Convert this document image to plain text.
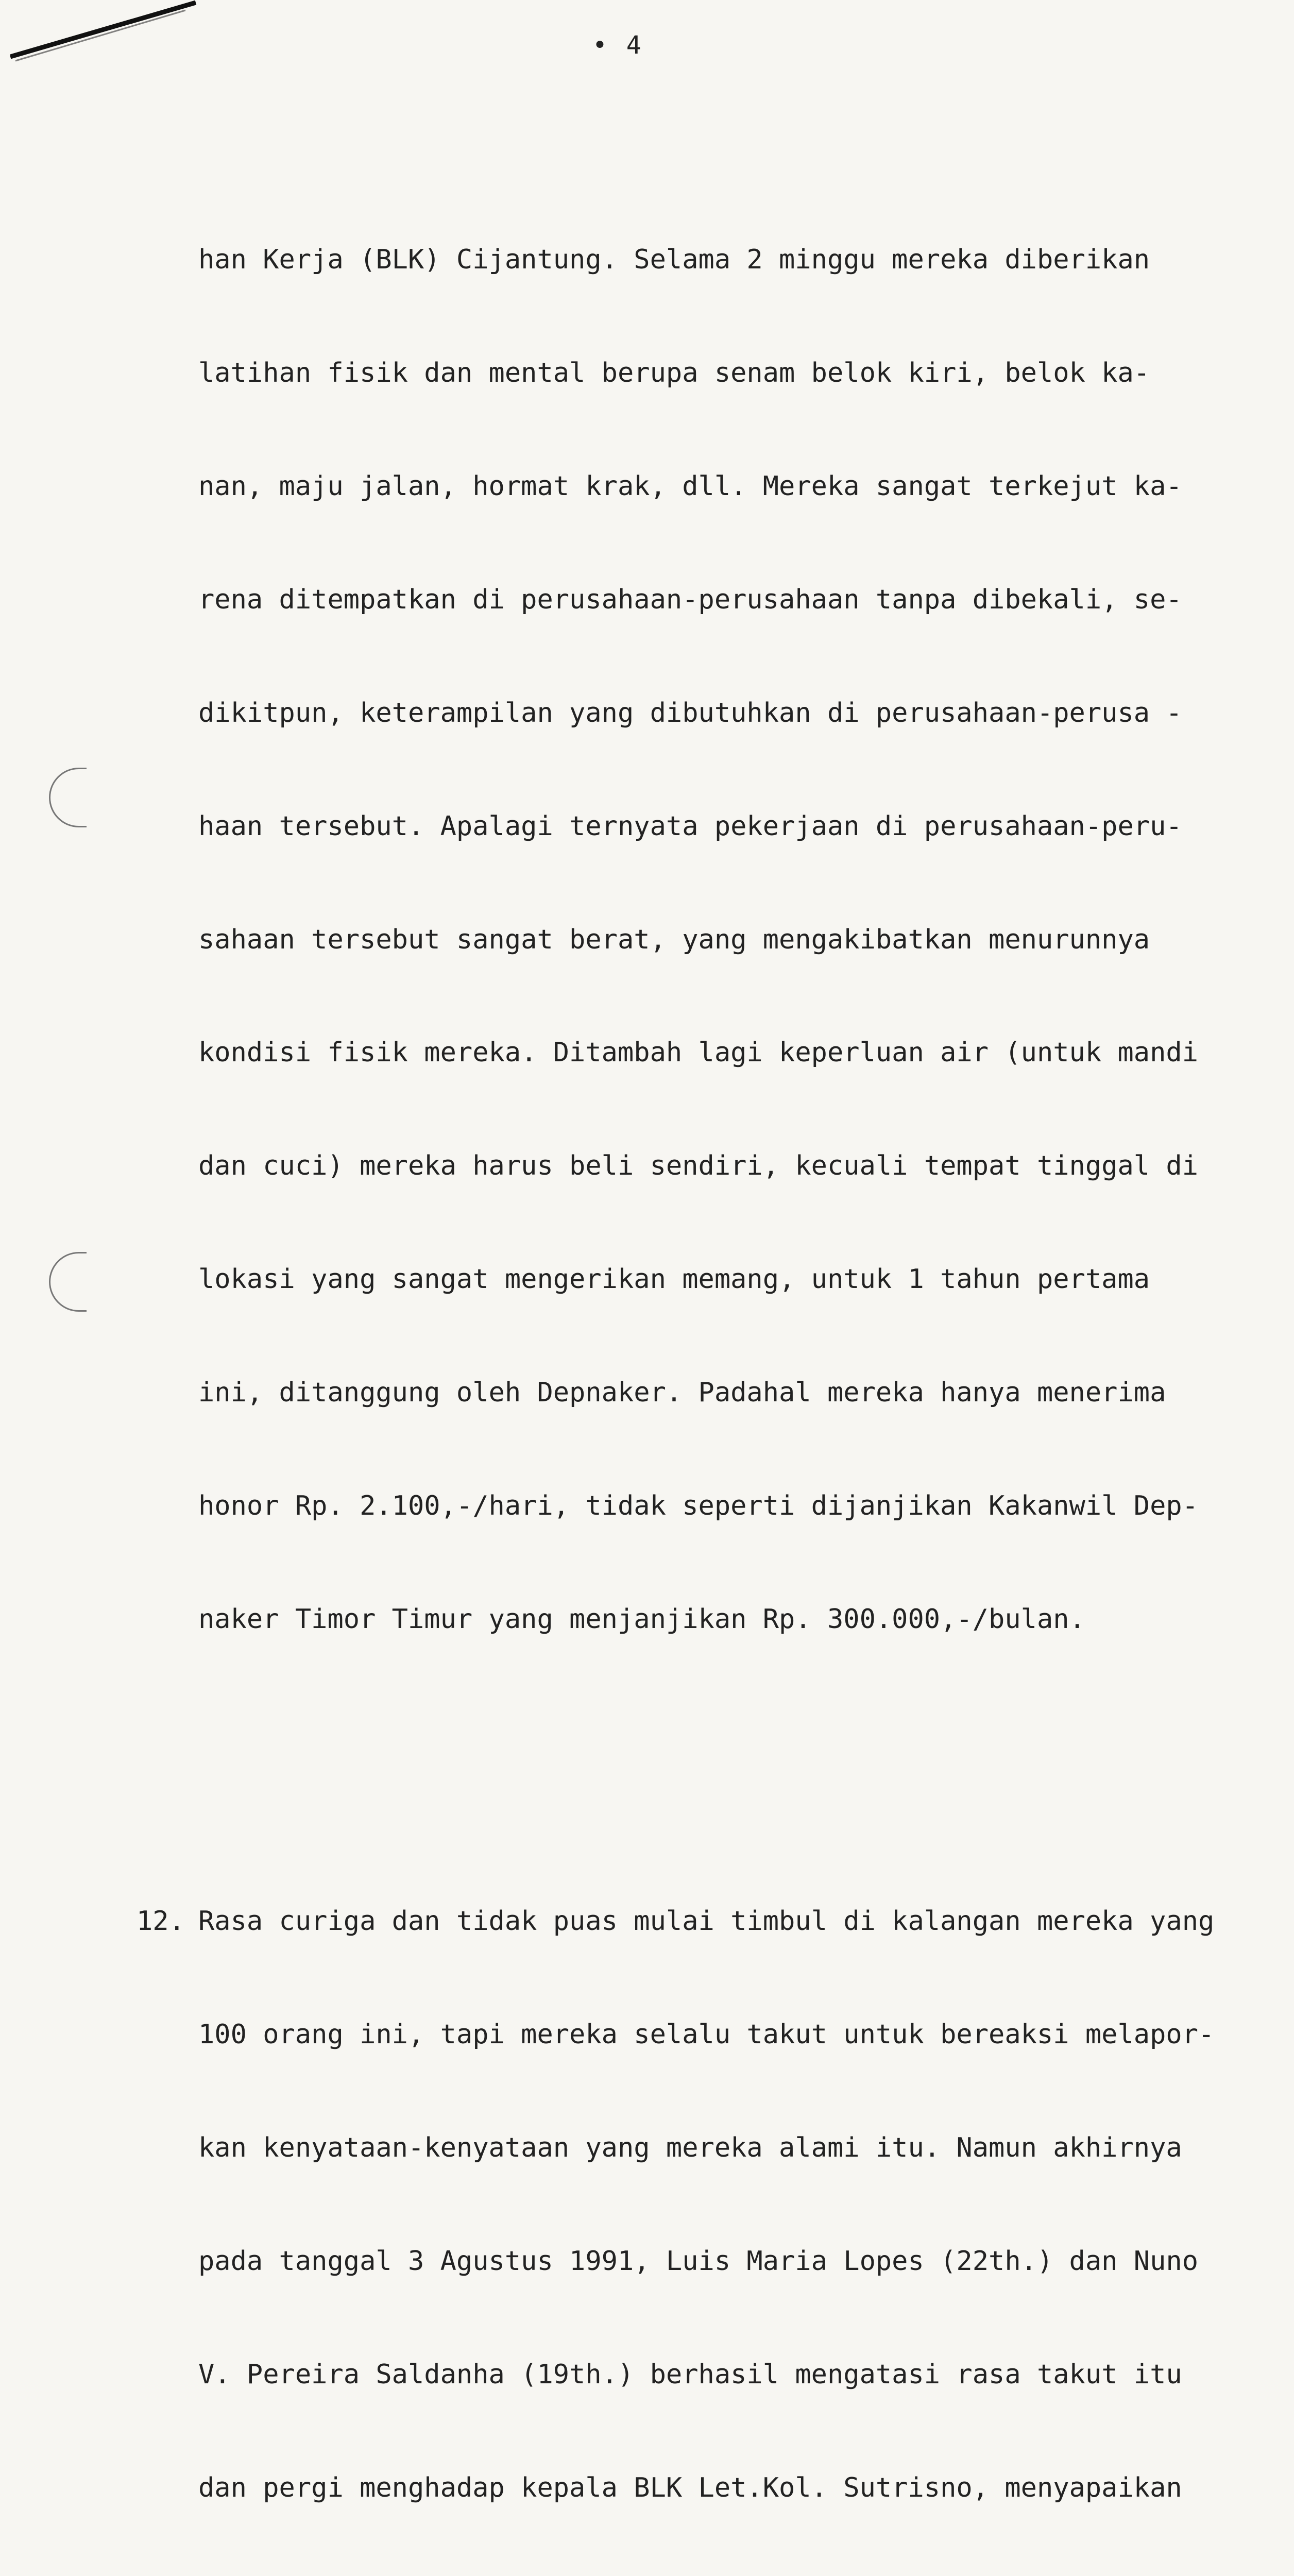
• 4

han Kerja (BLK) Cijantung. Selama 2 minggu mereka diberikan

latihan fisik dan mental berupa senam belok kiri, belok ka-

nan, maju jalan, hormat krak, dll. Mereka sangat terkejut ka-

rena ditempatkan di perusahaan-perusahaan tanpa dibekali, se-

dikitpun, keterampilan yang dibutuhkan di perusahaan-perusa -

haan tersebut. Apalagi ternyata pekerjaan di perusahaan-peru-

sahaan tersebut sangat berat, yang mengakibatkan menurunnya

kondisi fisik mereka. Ditambah lagi keperluan air (untuk mandi

dan cuci) mereka harus beli sendiri, kecuali tempat tinggal di

lokasi yang sangat mengerikan memang, untuk 1 tahun pertama

ini, ditanggung oleh Depnaker. Padahal mereka hanya menerima

honor Rp. 2.100,-/hari, tidak seperti dijanjikan Kakanwil Dep-

naker Timor Timur yang menjanjikan Rp. 300.000,-/bulan.

12. Rasa curiga dan tidak puas mulai timbul di kalangan mereka yang

100 orang ini, tapi mereka selalu takut untuk bereaksi melapor-

kan kenyataan-kenyataan yang mereka alami itu. Namun akhirnya

pada tanggal 3 Agustus 1991, Luis Maria Lopes (22th.) dan Nuno

V. Pereira Saldanha (19th.) berhasil mengatasi rasa takut itu

dan pergi menghadap kepala BLK Let.Kol. Sutrisno, menyapaikan
